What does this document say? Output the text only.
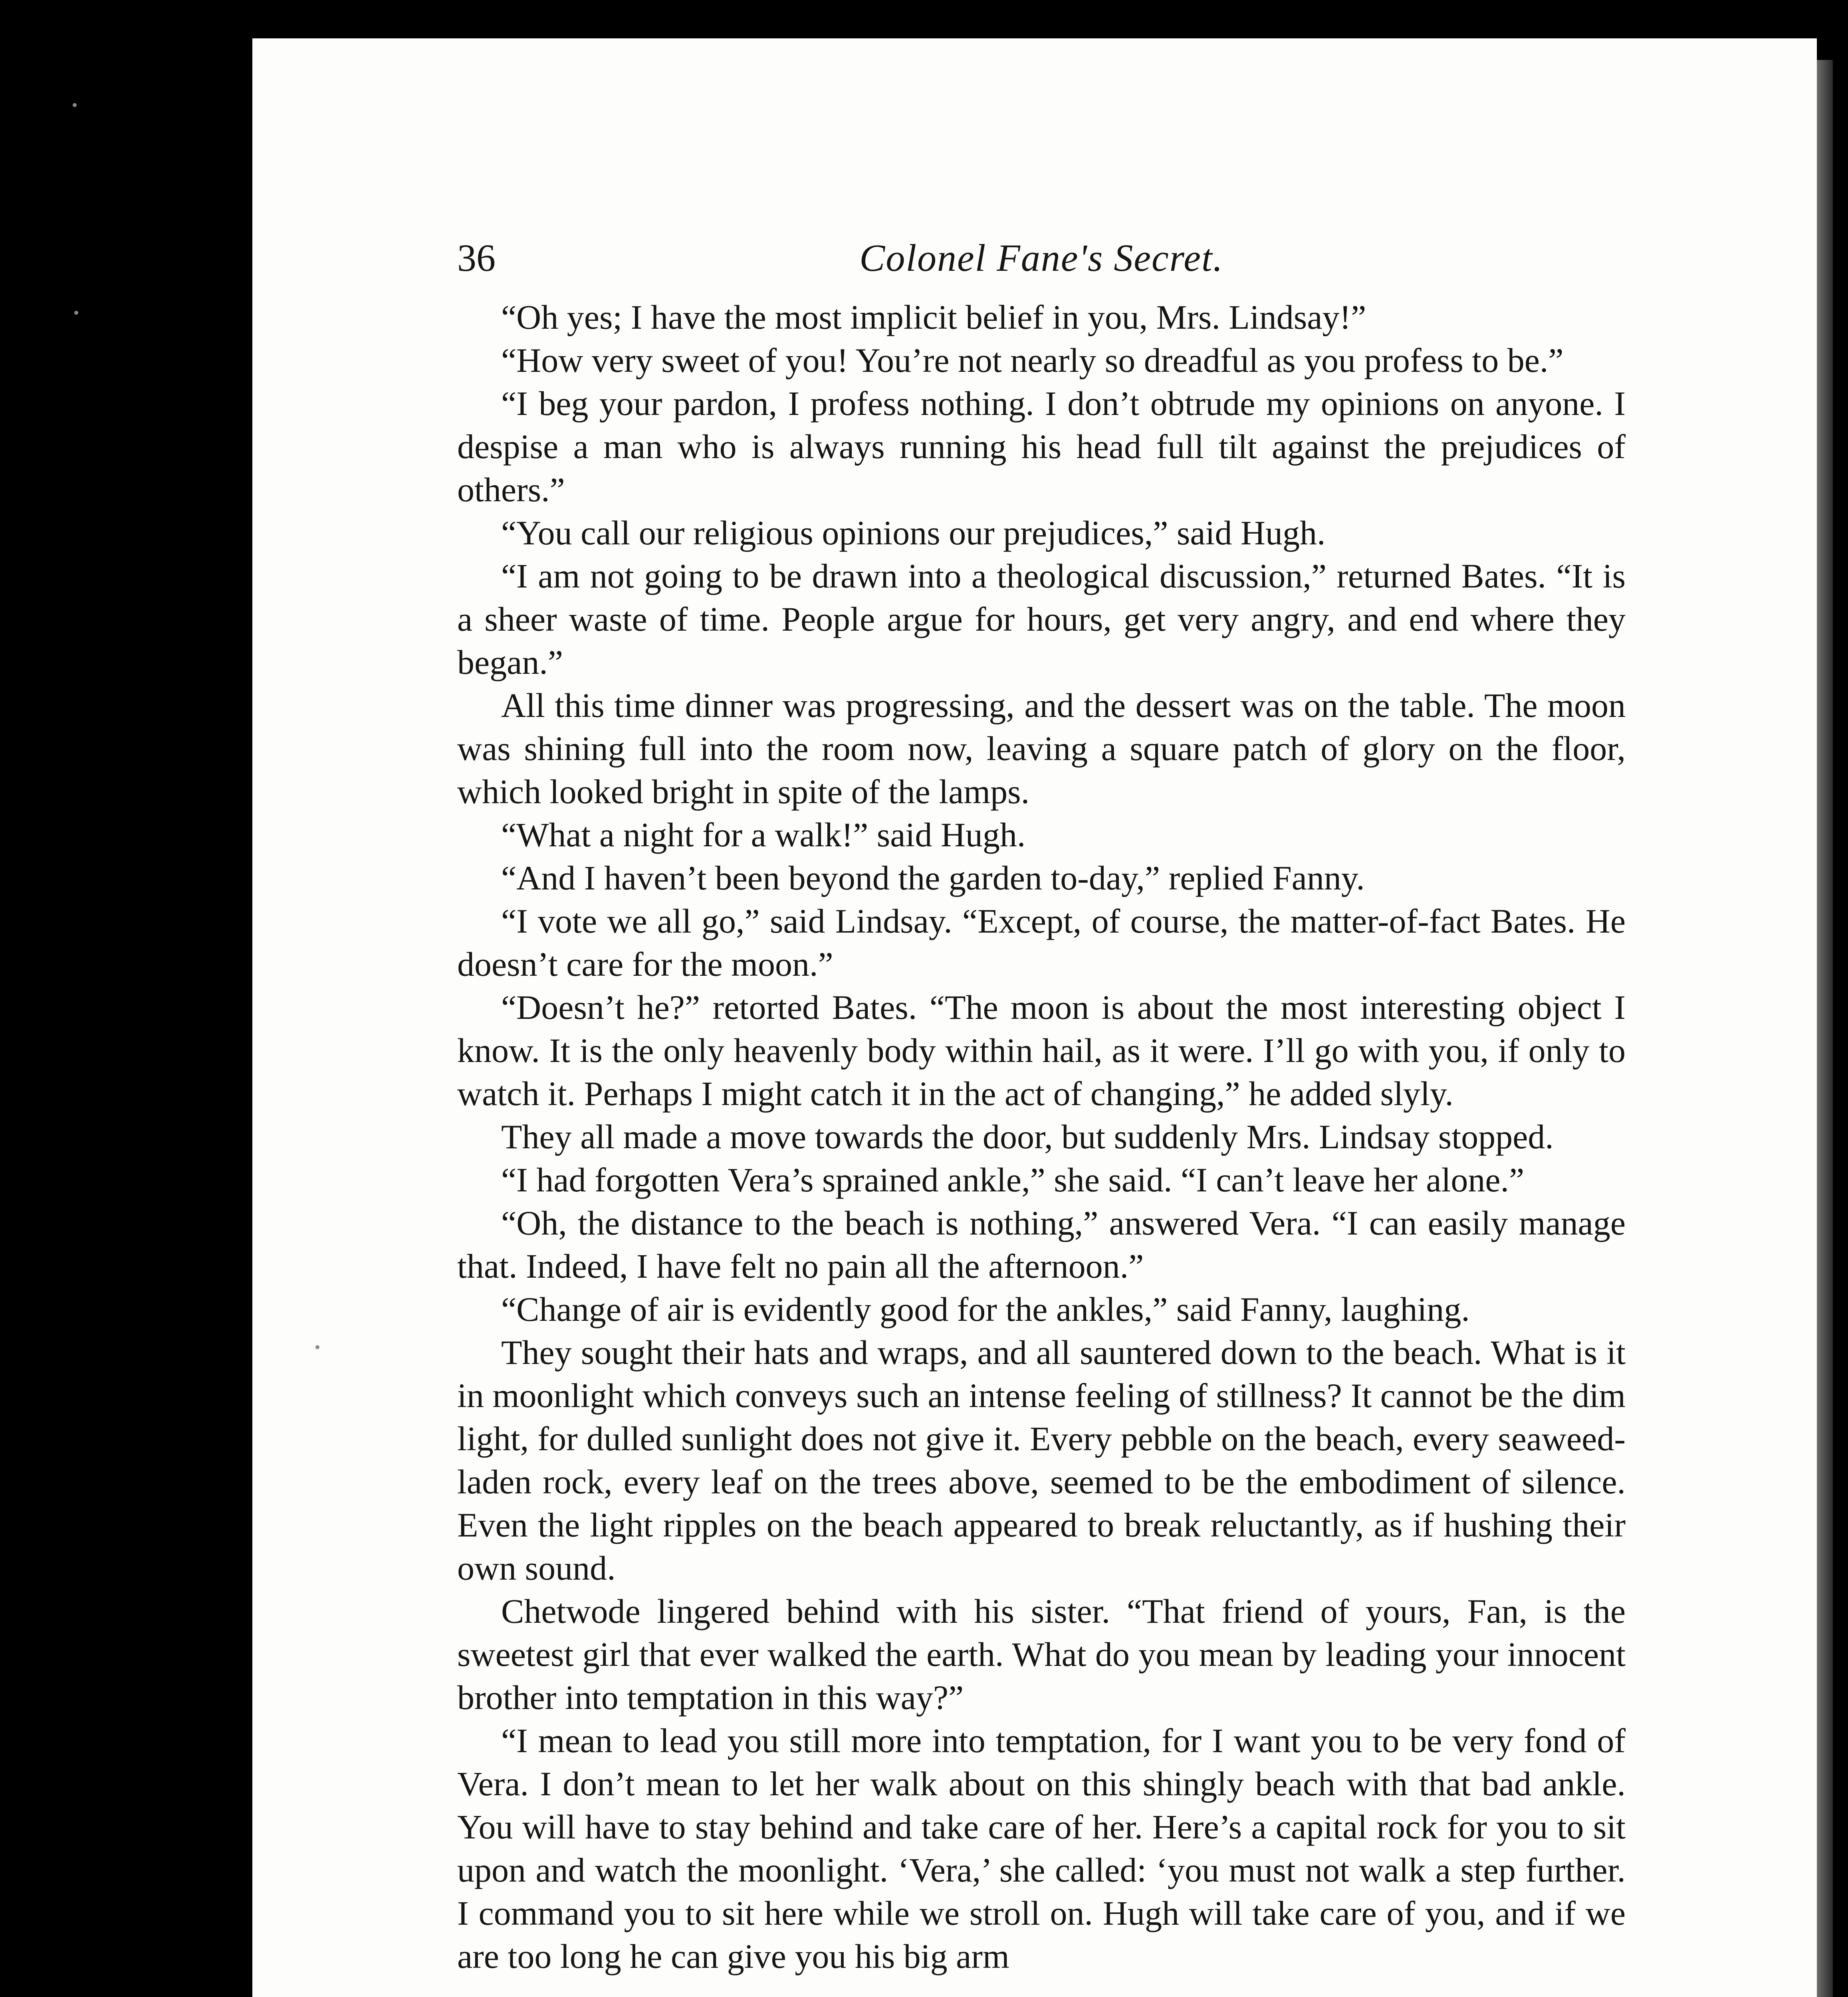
36	Colonel Fane's Secret.

“Oh yes; I have the most implicit belief in you, Mrs. Lindsay!”

“How very sweet of you! You’re not nearly so dreadful as you profess to be.”

“I beg your pardon, I profess nothing. I don’t obtrude my opinions on anyone. I despise a man who is always running his head full tilt against the prejudices of others.”

“You call our religious opinions our prejudices,” said Hugh.

“I am not going to be drawn into a theological discussion,” returned Bates. “It is a sheer waste of time. People argue for hours, get very angry, and end where they began.”

All this time dinner was progressing, and the dessert was on the table. The moon was shining full into the room now, leaving a square patch of glory on the floor, which looked bright in spite of the lamps.

“What a night for a walk!” said Hugh.

“And I haven’t been beyond the garden to-day,” replied Fanny.

“I vote we all go,” said Lindsay. “Except, of course, the matter-of-fact Bates. He doesn’t care for the moon.”

“Doesn’t he?” retorted Bates. “The moon is about the most interesting object I know. It is the only heavenly body within hail, as it were. I’ll go with you, if only to watch it. Perhaps I might catch it in the act of changing,” he added slyly.

They all made a move towards the door, but suddenly Mrs. Lindsay stopped.

“I had forgotten Vera’s sprained ankle,” she said. “I can’t leave her alone.”

“Oh, the distance to the beach is nothing,” answered Vera. “I can easily manage that. Indeed, I have felt no pain all the afternoon.”

“Change of air is evidently good for the ankles,” said Fanny, laughing.

They sought their hats and wraps, and all sauntered down to the beach. What is it in moonlight which conveys such an intense feeling of stillness? It cannot be the dim light, for dulled sunlight does not give it. Every pebble on the beach, every seaweed-laden rock, every leaf on the trees above, seemed to be the embodiment of silence. Even the light ripples on the beach appeared to break reluctantly, as if hushing their own sound.

Chetwode lingered behind with his sister. “That friend of yours, Fan, is the sweetest girl that ever walked the earth. What do you mean by leading your innocent brother into temptation in this way?”

“I mean to lead you still more into temptation, for I want you to be very fond of Vera. I don’t mean to let her walk about on this shingly beach with that bad ankle. You will have to stay behind and take care of her. Here’s a capital rock for you to sit upon and watch the moonlight. ‘Vera,’ she called: ‘you must not walk a step further. I command you to sit here while we stroll on. Hugh will take care of you, and if we are too long he can give you his big arm
